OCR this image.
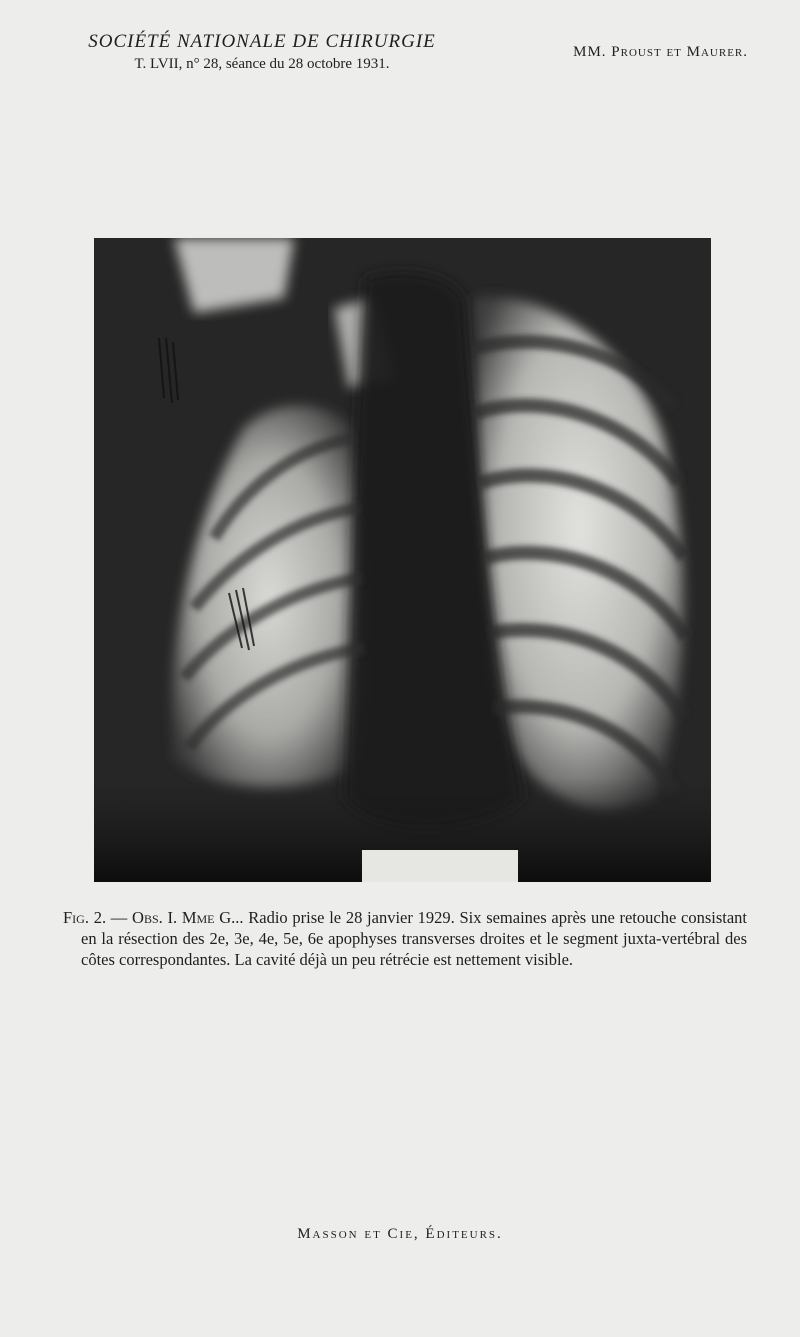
SOCIÉTÉ NATIONALE DE CHIRURGIE
T. LVII, n° 28, séance du 28 octobre 1931.
MM. Proust et Maurer.
Fig. 2. — Obs. I. Mme G... Radio prise le 28 janvier 1929. Six semaines après une retouche consistant en la résection des 2e, 3e, 4e, 5e, 6e apophyses transverses droites et le segment juxta-vertébral des côtes correspondantes. La cavité déjà un peu rétrécie est nettement visible.
Masson et Cie, Éditeurs.
